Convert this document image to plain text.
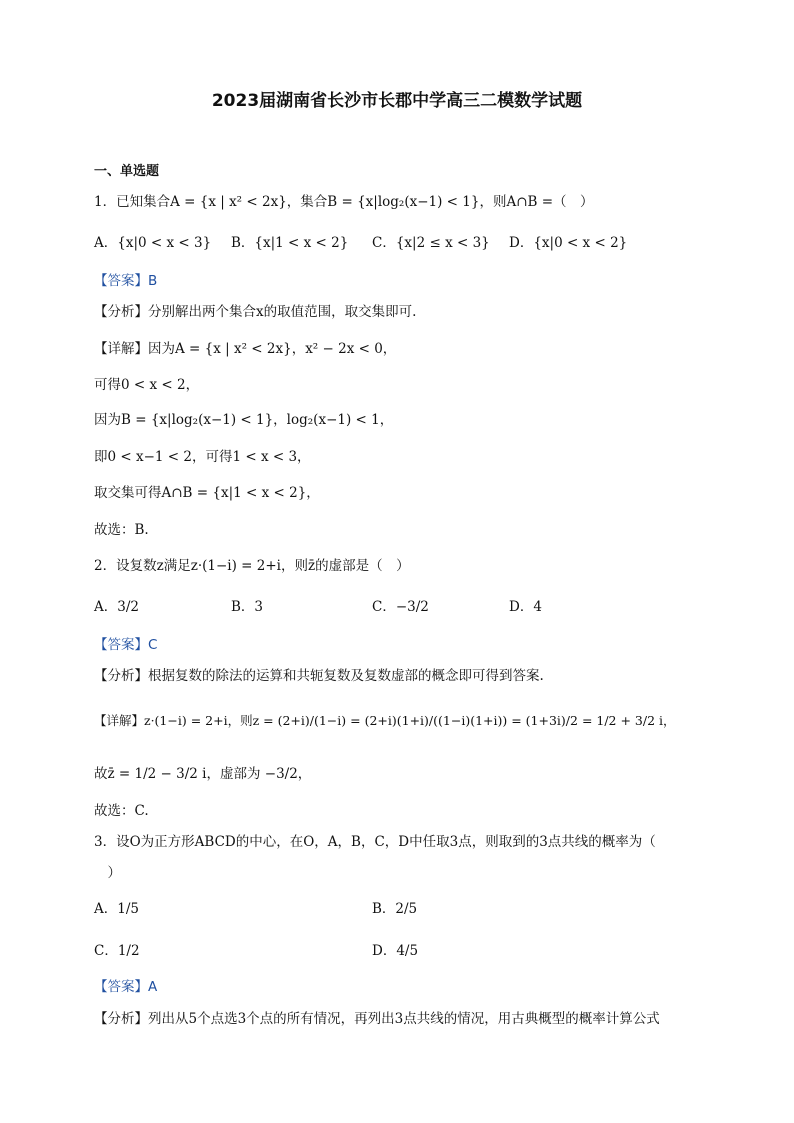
2023届湖南省长沙市长郡中学高三二模数学试题
一、单选题
1．已知集合A = {x | x² < 2x}，集合B = {x|log₂(x−1) < 1}，则A∩B =（　）
A．{x|0 < x < 3} B．{x|1 < x < 2} C．{x|2 ≤ x < 3} D．{x|0 < x < 2}
【答案】B
【分析】分别解出两个集合x的取值范围，取交集即可.
【详解】因为A = {x | x² < 2x}，x² − 2x < 0，
可得0 < x < 2，
因为B = {x|log₂(x−1) < 1}，log₂(x−1) < 1，
即0 < x−1 < 2，可得1 < x < 3，
取交集可得A∩B = {x|1 < x < 2}，
故选：B.
2．设复数z满足z·(1−i) = 2+i，则z̄的虚部是（　）
A．3/2	B．3	C．−3/2	D．4
【答案】C
【分析】根据复数的除法的运算和共轭复数及复数虚部的概念即可得到答案.
【详解】z·(1−i) = 2+i，则z = (2+i)/(1−i) = (2+i)(1+i)/((1−i)(1+i)) = (1+3i)/2 = 1/2 + 3/2 i，
故z̄ = 1/2 − 3/2 i，虚部为 −3/2，
故选：C.
3．设O为正方形ABCD的中心，在O，A，B，C，D中任取3点，则取到的3点共线的概率为（
　）
A．1/5	B．2/5
C．1/2	D．4/5
【答案】A
【分析】列出从5个点选3个点的所有情况，再列出3点共线的情况，用古典概型的概率计算公式
